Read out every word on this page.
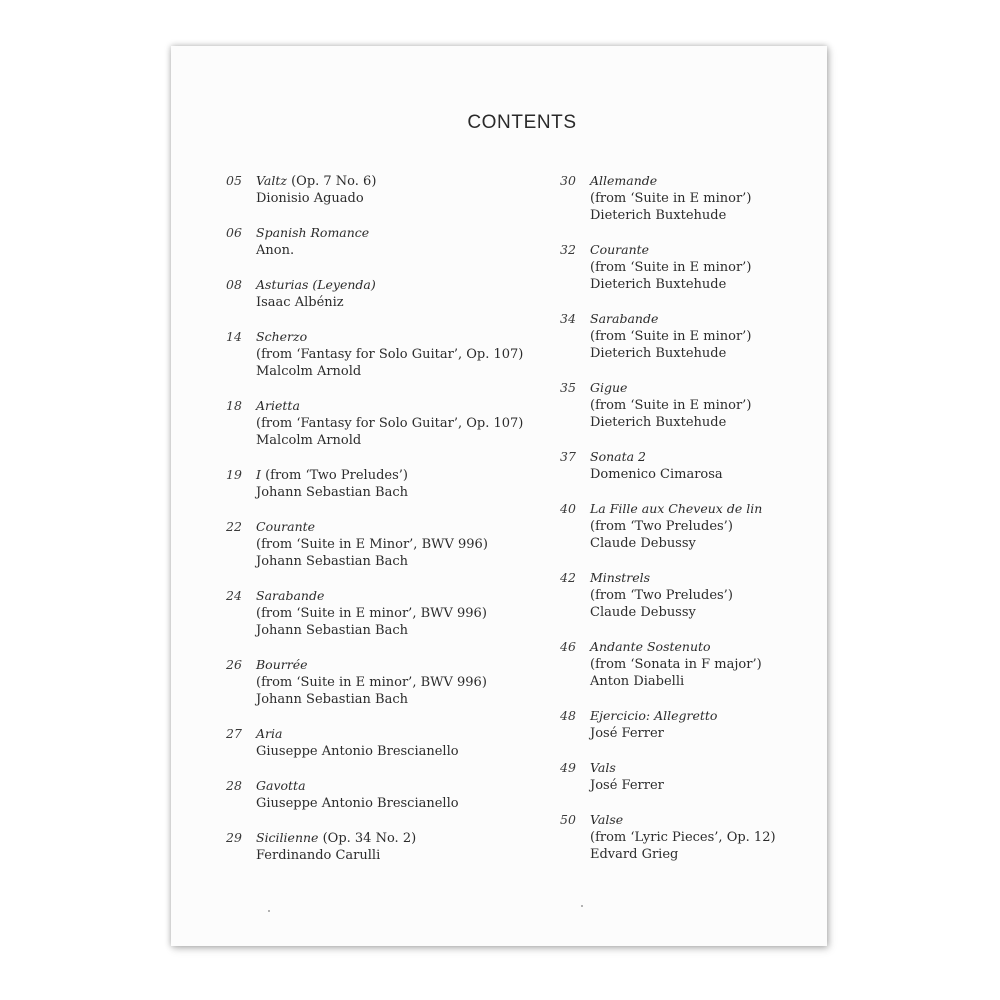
CONTENTS
05 Valtz (Op. 7 No. 6)
Dionisio Aguado
06 Spanish Romance
Anon.
08 Asturias (Leyenda)
Isaac Albéniz
14 Scherzo
(from ‘Fantasy for Solo Guitar’, Op. 107)
Malcolm Arnold
18 Arietta
(from ‘Fantasy for Solo Guitar’, Op. 107)
Malcolm Arnold
19 I (from ‘Two Preludes’)
Johann Sebastian Bach
22 Courante
(from ‘Suite in E Minor’, BWV 996)
Johann Sebastian Bach
24 Sarabande
(from ‘Suite in E minor’, BWV 996)
Johann Sebastian Bach
26 Bourrée
(from ‘Suite in E minor’, BWV 996)
Johann Sebastian Bach
27 Aria
Giuseppe Antonio Brescianello
28 Gavotta
Giuseppe Antonio Brescianello
29 Sicilienne (Op. 34 No. 2)
Ferdinando Carulli
30 Allemande
(from ‘Suite in E minor’)
Dieterich Buxtehude
32 Courante
(from ‘Suite in E minor’)
Dieterich Buxtehude
34 Sarabande
(from ‘Suite in E minor’)
Dieterich Buxtehude
35 Gigue
(from ‘Suite in E minor’)
Dieterich Buxtehude
37 Sonata 2
Domenico Cimarosa
40 La Fille aux Cheveux de lin
(from ‘Two Preludes’)
Claude Debussy
42 Minstrels
(from ‘Two Preludes’)
Claude Debussy
46 Andante Sostenuto
(from ‘Sonata in F major’)
Anton Diabelli
48 Ejercicio: Allegretto
José Ferrer
49 Vals
José Ferrer
50 Valse
(from ‘Lyric Pieces’, Op. 12)
Edvard Grieg
